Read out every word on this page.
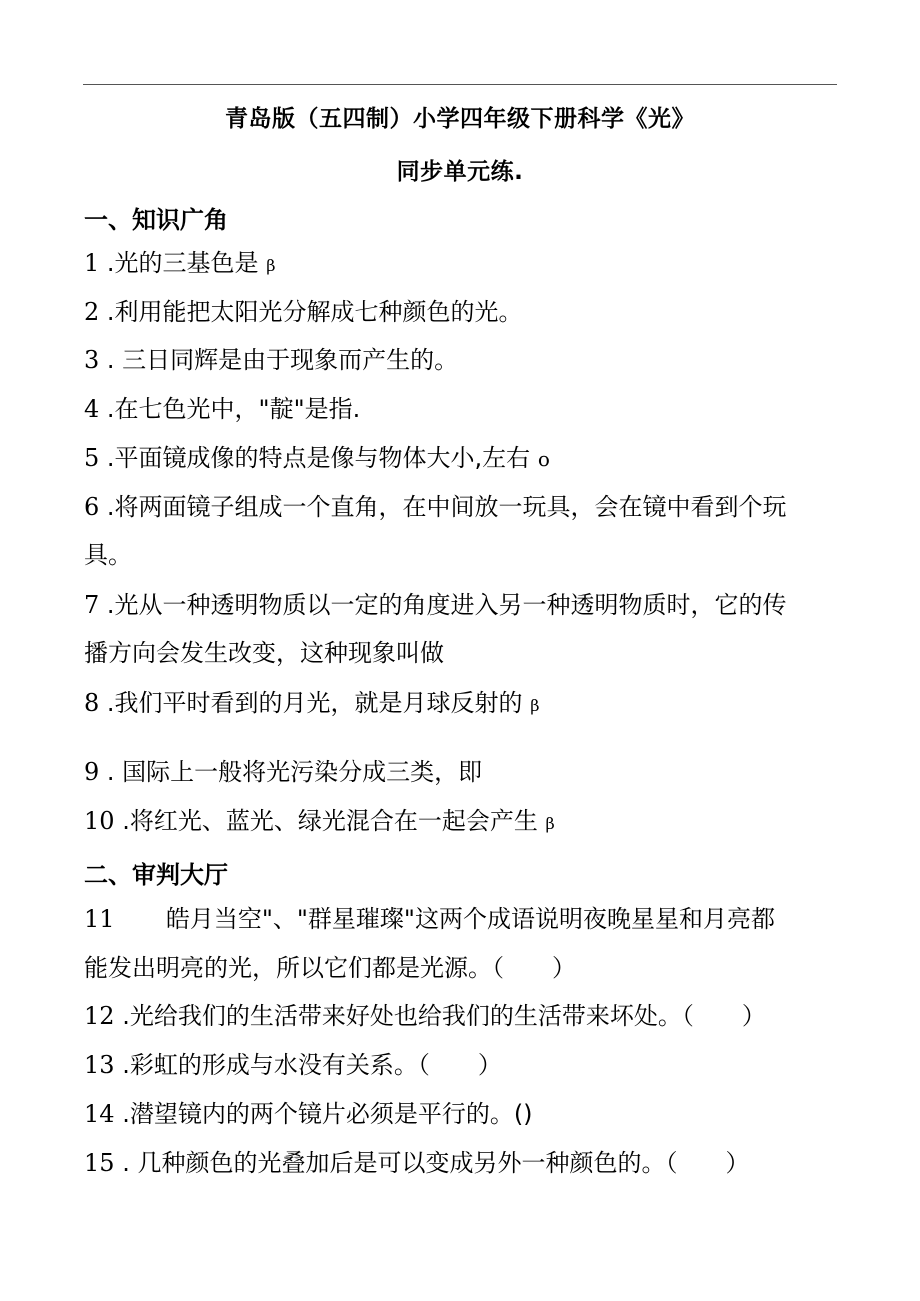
青岛版（五四制）小学四年级下册科学《光》
同步单元练.
一、知识广角
1 .光的三基色是 β
2 .利用能把太阳光分解成七种颜色的光。
3 . 三日同辉是由于现象而产生的。
4 .在七色光中，"靛"是指.
5 .平面镜成像的特点是像与物体大小,左右 o
6 .将两面镜子组成一个直角，在中间放一玩具，会在镜中看到个玩
具。
7 .光从一种透明物质以一定的角度进入另一种透明物质时，它的传
播方向会发生改变，这种现象叫做
8 .我们平时看到的月光，就是月球反射的 β
9 . 国际上一般将光污染分成三类，即
10 .将红光、蓝光、绿光混合在一起会产生 β
二、审判大厅
11 皓月当空"、"群星璀璨"这两个成语说明夜晚星星和月亮都
能发出明亮的光，所以它们都是光源。（　　）
12 .光给我们的生活带来好处也给我们的生活带来坏处。（　　）
13 .彩虹的形成与水没有关系。（　　）
14 .潜望镜内的两个镜片必须是平行的。()
15 . 几种颜色的光叠加后是可以变成另外一种颜色的。（　　）
